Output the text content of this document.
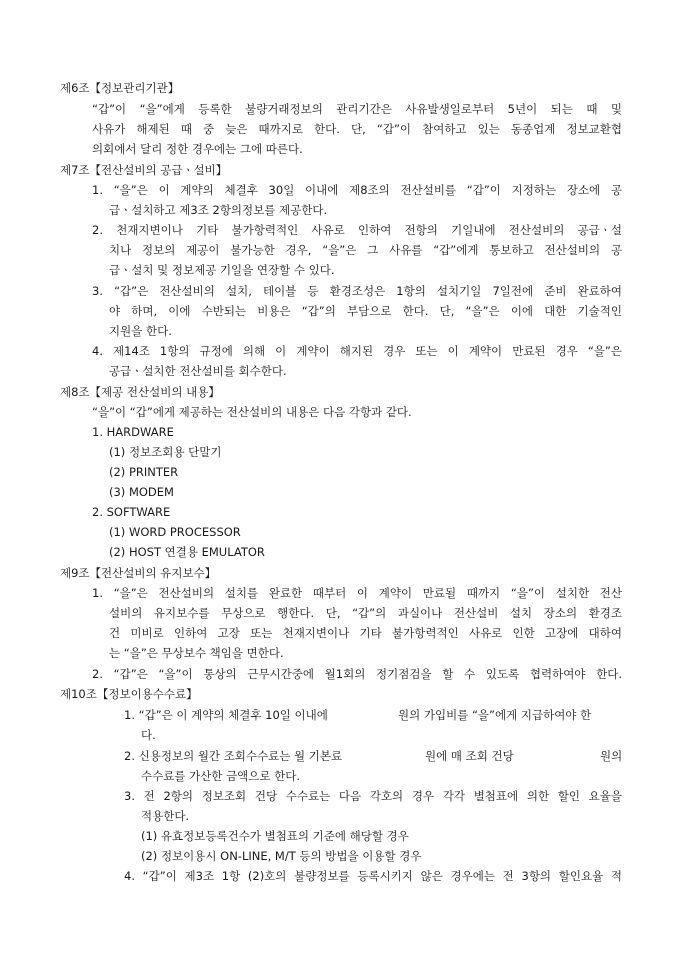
제6조【정보관리기관】
“갑”이 “을”에게 등록한 불량거래정보의 관리기간은 사유발생일로부터 5년이 되는 때 및
사유가 해제된 때 중 늦은 때까지로 한다. 단, “갑”이 참여하고 있는 동종업계 정보교환협
의회에서 달리 정한 경우에는 그에 따른다.
제7조【전산설비의 공급ㆍ설비】
1. “을”은 이 계약의 체결후 30일 이내에 제8조의 전산설비를 “갑”이 지정하는 장소에 공
급ㆍ설치하고 제3조 2항의정보를 제공한다.
2. 천재지변이나 기타 불가항력적인 사유로 인하여 전항의 기일내에 전산설비의 공급ㆍ설
치나 정보의 제공이 불가능한 경우, “을”은 그 사유를 “갑”에게 통보하고 전산설비의 공
급ㆍ설치 및 정보제공 기일을 연장할 수 있다.
3. “갑”은 전산설비의 설치, 테이블 등 환경조성은 1항의 설치기일 7일전에 준비 완료하여
야 하며, 이에 수반되는 비용은 “갑”의 부담으로 한다. 단, “을”은 이에 대한 기술적인
지원을 한다.
4. 제14조 1항의 규정에 의해 이 계약이 해지된 경우 또는 이 계약이 만료된 경우 “을”은
공급ㆍ설치한 전산설비를 회수한다.
제8조【제공 전산설비의 내용】
“을”이 “갑”에게 제공하는 전산설비의 내용은 다음 각항과 같다.
1. HARDWARE
(1) 정보조회용 단말기
(2) PRINTER
(3) MODEM
2. SOFTWARE
(1) WORD PROCESSOR
(2) HOST 연결용 EMULATOR
제9조【전산설비의 유지보수】
1. “을”은 전산설비의 설치를 완료한 때부터 이 계약이 만료될 때까지 “을”이 설치한 전산
설비의 유지보수를 무상으로 행한다. 단, “갑”의 과실이나 전산설비 설치 장소의 환경조
건 미비로 인하여 고장 또는 천재지변이나 기타 불가항력적인 사유로 인한 고장에 대하여
는 “을”은 무상보수 책임을 면한다.
2. “갑”은 “을”이 통상의 근무시간중에 월1회의 정기점검을 할 수 있도록 협력하여야 한다.
제10조【정보이용수수료】
1. “갑”은 이 계약의 체결후 10일 이내에	원의 가입비를 “을”에게 지급하여야 한
다.
2. 신용정보의 월간 조회수수료는 월 기본료	원에 매 조회 건당	원의
수수료를 가산한 금액으로 한다.
3. 전 2항의 정보조회 건당 수수료는 다음 각호의 경우 각각 별첨표에 의한 할인 요율을
적용한다.
(1) 유효정보등록건수가 별첨표의 기준에 해당할 경우
(2) 정보이용시 ON-LINE, M/T 등의 방법을 이용할 경우
4. “갑”이 제3조 1항 (2)호의 불량정보를 등록시키지 않은 경우에는 전 3항의 할인요율 적
